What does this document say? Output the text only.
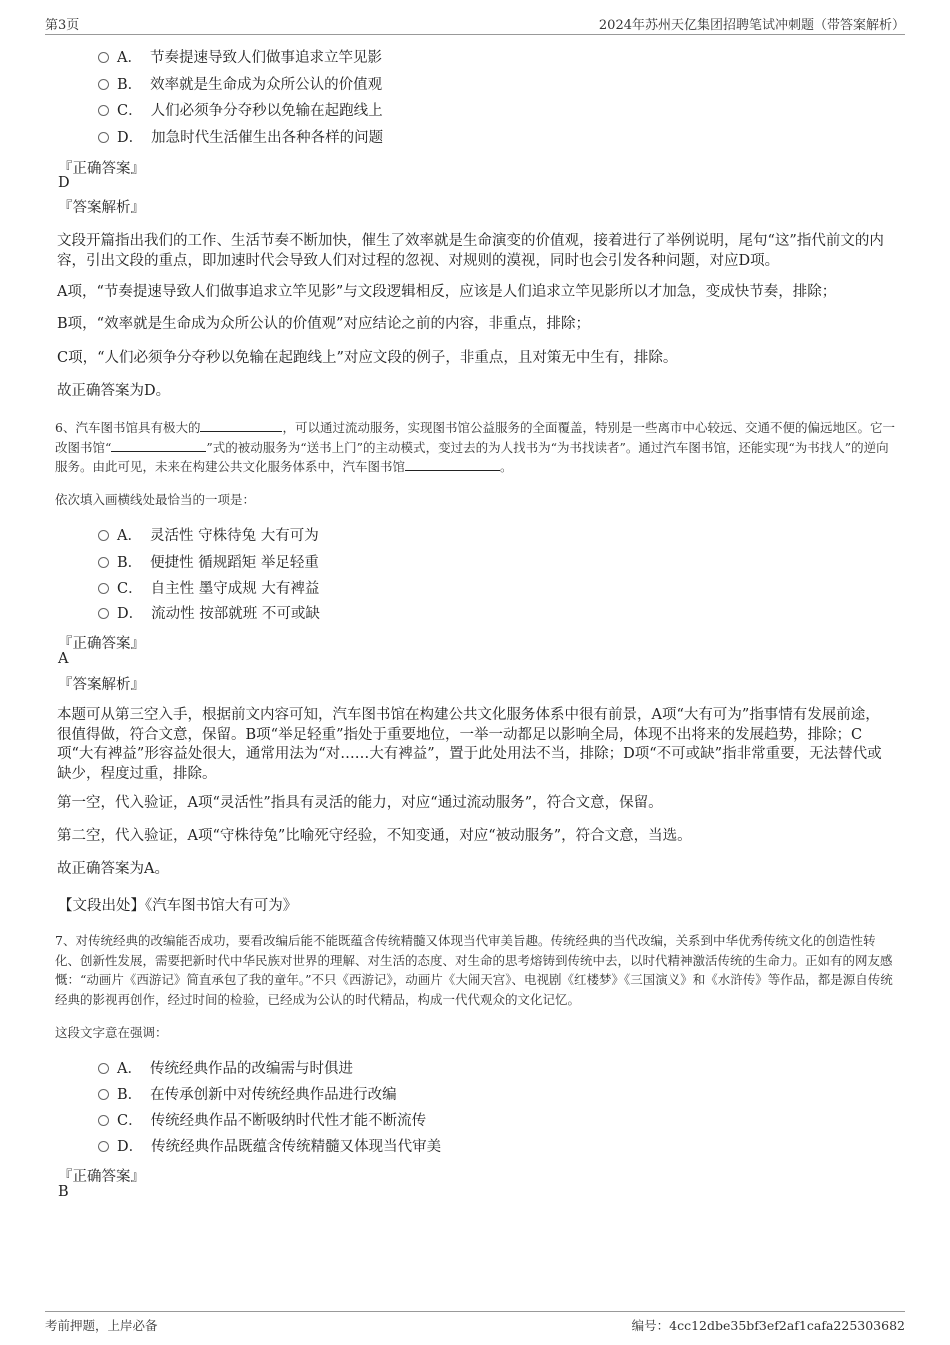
第3页	2024年苏州天亿集团招聘笔试冲刺题（带答案解析）
A． 节奏提速导致人们做事追求立竿见影
B． 效率就是生命成为众所公认的价值观
C． 人们必须争分夺秒以免输在起跑线上
D． 加急时代生活催生出各种各样的问题
『正确答案』
D
『答案解析』
文段开篇指出我们的工作、生活节奏不断加快，催生了效率就是生命演变的价值观，接着进行了举例说明，尾句“这”指代前文的内容，引出文段的重点，即加速时代会导致人们对过程的忽视、对规则的漠视，同时也会引发各种问题，对应D项。
A项，“节奏提速导致人们做事追求立竿见影”与文段逻辑相反，应该是人们追求立竿见影所以才加急，变成快节奏，排除；
B项，“效率就是生命成为众所公认的价值观”对应结论之前的内容，非重点，排除；
C项，“人们必须争分夺秒以免输在起跑线上”对应文段的例子，非重点，且对策无中生有，排除。
故正确答案为D。
6、汽车图书馆具有极大的	，可以通过流动服务，实现图书馆公益服务的全面覆盖，特别是一些离市中心较远、交通不便的偏远地区。它一改图书馆“	”式的被动服务为“送书上门”的主动模式，变过去的为人找书为“为书找读者”。通过汽车图书馆，还能实现“为书找人”的逆向服务。由此可见，未来在构建公共文化服务体系中，汽车图书馆	。
依次填入画横线处最恰当的一项是：
A． 灵活性 守株待兔 大有可为
B． 便捷性 循规蹈矩 举足轻重
C． 自主性 墨守成规 大有裨益
D． 流动性 按部就班 不可或缺
『正确答案』
A
『答案解析』
本题可从第三空入手，根据前文内容可知，汽车图书馆在构建公共文化服务体系中很有前景，A项“大有可为”指事情有发展前途，很值得做，符合文意，保留。B项“举足轻重”指处于重要地位，一举一动都足以影响全局，体现不出将来的发展趋势，排除；C项“大有裨益”形容益处很大，通常用法为“对……大有裨益”，置于此处用法不当，排除；D项“不可或缺”指非常重要，无法替代或缺少，程度过重，排除。
第一空，代入验证，A项“灵活性”指具有灵活的能力，对应“通过流动服务”，符合文意，保留。
第二空，代入验证，A项“守株待兔”比喻死守经验，不知变通，对应“被动服务”，符合文意，当选。
故正确答案为A。
【文段出处】《汽车图书馆大有可为》
7、对传统经典的改编能否成功，要看改编后能不能既蕴含传统精髓又体现当代审美旨趣。传统经典的当代改编，关系到中华优秀传统文化的创造性转化、创新性发展，需要把新时代中华民族对世界的理解、对生活的态度、对生命的思考熔铸到传统中去，以时代精神激活传统的生命力。正如有的网友感慨：“动画片《西游记》简直承包了我的童年。”不只《西游记》，动画片《大闹天宫》、电视剧《红楼梦》《三国演义》和《水浒传》等作品，都是源自传统经典的影视再创作，经过时间的检验，已经成为公认的时代精品，构成一代代观众的文化记忆。
这段文字意在强调：
A． 传统经典作品的改编需与时俱进
B． 在传承创新中对传统经典作品进行改编
C． 传统经典作品不断吸纳时代性才能不断流传
D． 传统经典作品既蕴含传统精髓又体现当代审美
『正确答案』
B
考前押题，上岸必备	编号：4cc12dbe35bf3ef2af1cafa225303682
